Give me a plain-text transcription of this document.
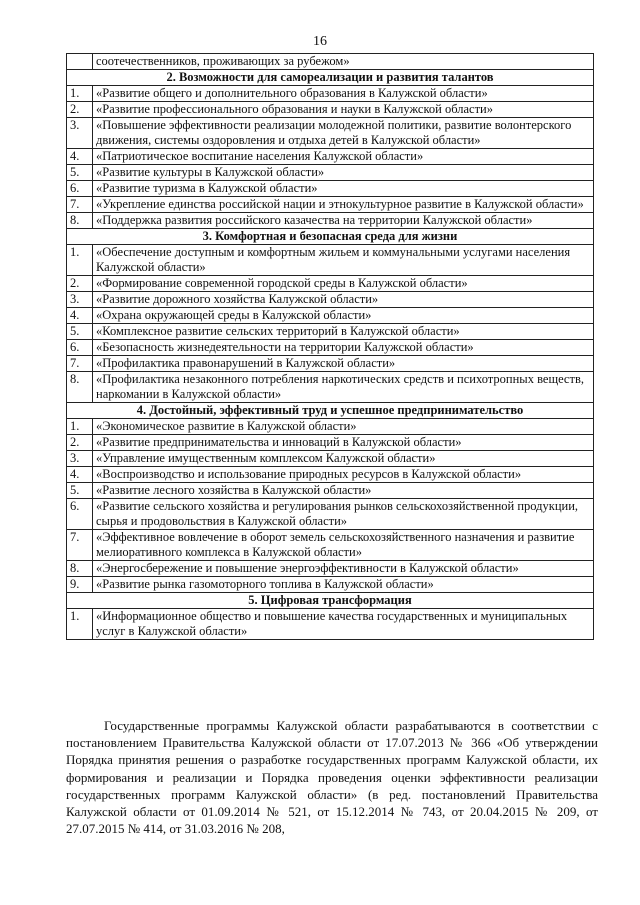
16
	соотечественников, проживающих за рубежом»
2. Возможности для самореализации и развития талантов	
1.	«Развитие общего и дополнительного образования в Калужской области»
2.	«Развитие профессионального образования и науки в Калужской области»
3.	«Повышение эффективности реализации молодежной политики, развитие волонтерского движения, системы оздоровления и отдыха детей в Калужской области»
4.	«Патриотическое воспитание населения Калужской области»
5.	«Развитие культуры в Калужской области»
6.	«Развитие туризма в Калужской области»
7.	«Укрепление единства российской нации и этнокультурное развитие в Калужской области»
8.	«Поддержка развития российского казачества на территории Калужской области»
3. Комфортная и безопасная среда для жизни	
1.	«Обеспечение доступным и комфортным жильем и коммунальными услугами населения Калужской области»
2.	«Формирование современной городской среды в Калужской области»
3.	«Развитие дорожного хозяйства Калужской области»
4.	«Охрана окружающей среды в Калужской области»
5.	«Комплексное развитие сельских территорий в Калужской области»
6.	«Безопасность жизнедеятельности на территории Калужской области»
7.	«Профилактика правонарушений в Калужской области»
8.	«Профилактика незаконного потребления наркотических средств и психотропных веществ, наркомании в Калужской области»
4. Достойный, эффективный труд и успешное предпринимательство	
1.	«Экономическое развитие в Калужской области»
2.	«Развитие предпринимательства и инноваций в Калужской области»
3.	«Управление имущественным комплексом Калужской области»
4.	«Воспроизводство и использование природных ресурсов в Калужской области»
5.	«Развитие лесного хозяйства в Калужской области»
6.	«Развитие сельского хозяйства и регулирования рынков сельскохозяйственной продукции, сырья и продовольствия в Калужской области»
7.	«Эффективное вовлечение в оборот земель сельскохозяйственного назначения и развитие мелиоративного комплекса в Калужской области»
8.	«Энергосбережение и повышение энергоэффективности в Калужской области»
9.	«Развитие рынка газомоторного топлива в Калужской области»
5. Цифровая трансформация	
1.	«Информационное общество и повышение качества государственных и муниципальных услуг в Калужской области»
Государственные программы Калужской области разрабатываются в соответствии с постановлением Правительства Калужской области от 17.07.2013 № 366 «Об утверждении Порядка принятия решения о разработке государственных программ Калужской области, их формирования и реализации и Порядка проведения оценки эффективности реализации государственных программ Калужской области» (в ред. постановлений Правительства Калужской области от 01.09.2014 № 521, от 15.12.2014 № 743, от 20.04.2015 № 209, от 27.07.2015 № 414, от 31.03.2016 № 208,
